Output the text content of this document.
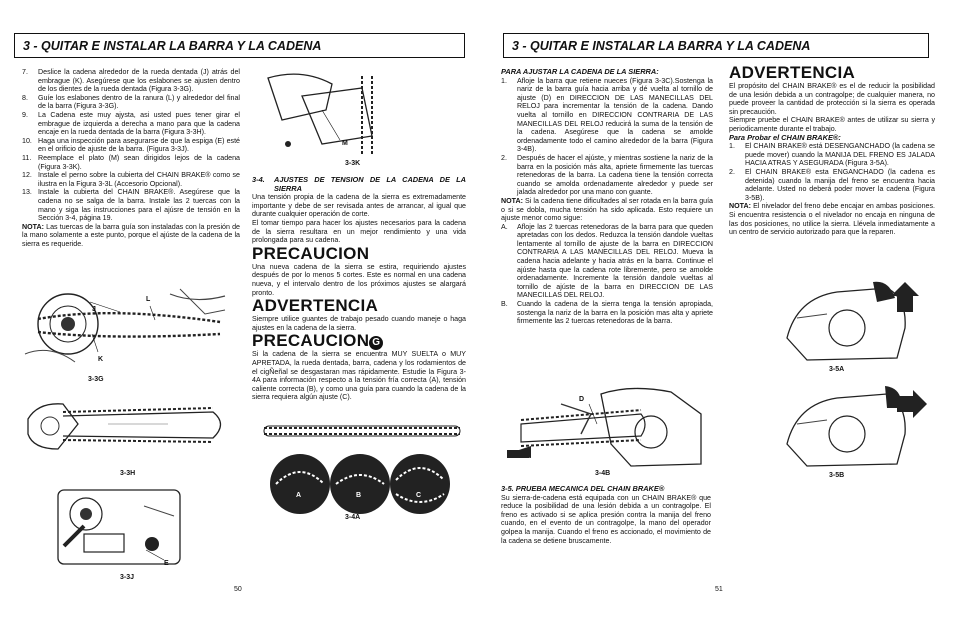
3 - QUITAR E INSTALAR LA BARRA Y LA CADENA
7. Deslice la cadena alrededor de la rueda dentada (J) atrás del embrague (K). Asegúrese que los eslabones se ajusten dentro de los dientes de la rueda dentada (Figura 3-3G).
8. Guíe los eslabones dentro de la ranura (L) y alrededor del final de la barra (Figura 3-3G).
9. La Cadena este muy ajysta, asi usted pues tener girar el embrague de izquierda a derecha a mano para que la cadena encaje en la rueda dentada de la barra (Figura 3-3H).
10. Haga una inspección para asegurarse de que la espiga (E) esté en el orificio de ajuste de la barra. (Figura 3-3J).
11. Reemplace el plato (M) sean dirigidos lejos de la cadena (Figura 3-3K).
12. Instale el perno sobre la cubierta del CHAIN BRAKE® como se ilustra en la Figura 3-3L (Accesorio Opcional).
13. Instale la cubierta del CHAIN BRAKE®. Asegúrese que la cadena no se salga de la barra. Instale las 2 tuercas con la mano y siga las instrucciones para el ajúsre de tensión en la Sección 3-4, página 19.

NOTA: Las tuercas de la barra guía son instaladas con la presión de la mano solamente a este punto, porque el ajúste de la cadena de la sierra es requeride.

J
L
K
3-3G
3-3H
E
3-3J
M
3-3K
3-4.	AJUSTES DE TENSION DE LA CADENA DE LA SIERRA

Una tensión propia de la cadena de la sierra es extremadamente importante y debe de ser revisada antes de arrancar, al igual que durante cualquier operación de corte.

El tomar tiempo para hacer los ajustes necesarios para la cadena de la sierra resultara en un mejor rendimiento y una vida prolongada para su cadena.

PRECAUCION

Una nueva cadena de la sierra se estira, requiriendo ajustes después de por lo menos 5 cortes. Este es normal en una cadena nueva, y el intervalo dentro de los próximos ajustes se alargará pronto.

ADVERTENCIA

Siempre utilice guantes de trabajo pesado cuando maneje o haga ajustes en la cadena de la sierra.

PRECAUCION G

Si la cadena de la sierra se encuentra MUY SUELTA o MUY APRETADA, la rueda dentada, barra, cadena y los rodamientos de el cigÑeñal se desgastaran mas rápidamente. Estudie la Figura 3-4A para información respecto a la tensión fría correcta (A), tensión caliente correcta (B), y como una guía para cuando la cadena de la sierra requiera algún ajuste (C).

A	B	C
3-4A
50
3 - QUITAR E INSTALAR LA BARRA Y LA CADENA
PARA AJUSTAR LA CADENA DE LA SIERRA:
1. Afloje la barra que retiene nueces (Figura 3-3C).Sostenga la nariz de la barra guía hacia arriba y dé vuelta al tornillo de ajuste (D) en DIRECCION DE LAS MANECILLAS DEL RELOJ para incrementar la tensión de la cadena. Dando vuelta al tornillo en DIRECCION CONTRARIA DE LAS MANECILLAS DEL RELOJ reducirá la suma de la tensión de la cadena. Asegúrese que la cadena se amolde ordenadamente todo el camino alrededor de la barra (Figura 3-4B).
2. Después de hacer el ajúste, y mientras sostiene la nariz de la barra en la posición más alta, apriete firmemente las tuercas retenedoras de la barra. La cadena tiene la tensión correcta cuando se amolda ordenadamente alrededor y puede ser jalada alrededor por una mano con guante.

NOTA: Si la cadena tiene dificultades al ser rotada en la barra guía o si se dobla, mucha tensión ha sido aplicada. Esto requiere un ajuste menor como sigue:

A. Afloje las 2 tuercas retenedoras de la barra para que queden apretadas con los dedos. Reduzca la tensión dandole vueltas lentamente al tornillo de ajuste de la barra en DIRECCION CONTRARIA A LAS MANECILLAS DEL RELOJ. Mueva la cadena hacia adelante y hacia atrás en la barra. Continue el ajúste hasta que la cadena rote libremente, pero se amolde ordenadamente. Incremente la tensión dandole vueltas al tornillo de ajúste de la barra en DIRECCION DE LAS MANECILLAS DEL RELOJ.
B. Cuando la cadena de la sierra tenga la tensión apropiada, sostenga la nariz de la barra en la posición mas alta y apriete firmemente las 2 tuercas retenedoras de la barra.
D
3-4B
3-5. PRUEBA MECANICA DEL CHAIN BRAKE®

Su sierra-de-cadena está equipada con un CHAIN BRAKE® que reduce la posibilidad de una lesión debida a un contragolpe. El freno es activado si se aplica presión contra la manija del freno cuando, en el evento de un contragolpe, la mano del operador golpea la manija. Cuando el freno es accionado, el movimiento de la cadena se detiene bruscamente.

ADVERTENCIA

El propósito del CHAIN BRAKE® es el de reducir la posibilidad de una lesión debida a un contragolpe; de cualquier manera, no puede proveer la cantidad de protección si la sierra es operada sin precaución.

Siempre pruebe el CHAIN BRAKE® antes de utilizar su sierra y periodicamente durante el trabajo.

Para Probar el CHAIN BRAKE®:
1. El CHAIN BRAKE® está DESENGANCHADO (la cadena se puede mover) cuando la MANIJA DEL FRENO ES JALADA HACIA ATRAS Y ASEGURADA (Figura 3-5A).
2. El CHAIN BRAKE® esta ENGANCHADO (la cadena es detenida) cuando la manija del freno se encuentra hacia adelante. Usted no deberá poder mover la cadena (Figura 3-5B).

NOTA: El nivelador del freno debe encajar en ambas posiciones. Si encuentra resistencia o el nivelador no encaja en ninguna de las dos posiciones, no utilice la sierra. Llévela inmediatamente a un centro de servicio autorizado para que la reparen.

3-5A
3-5B
51
